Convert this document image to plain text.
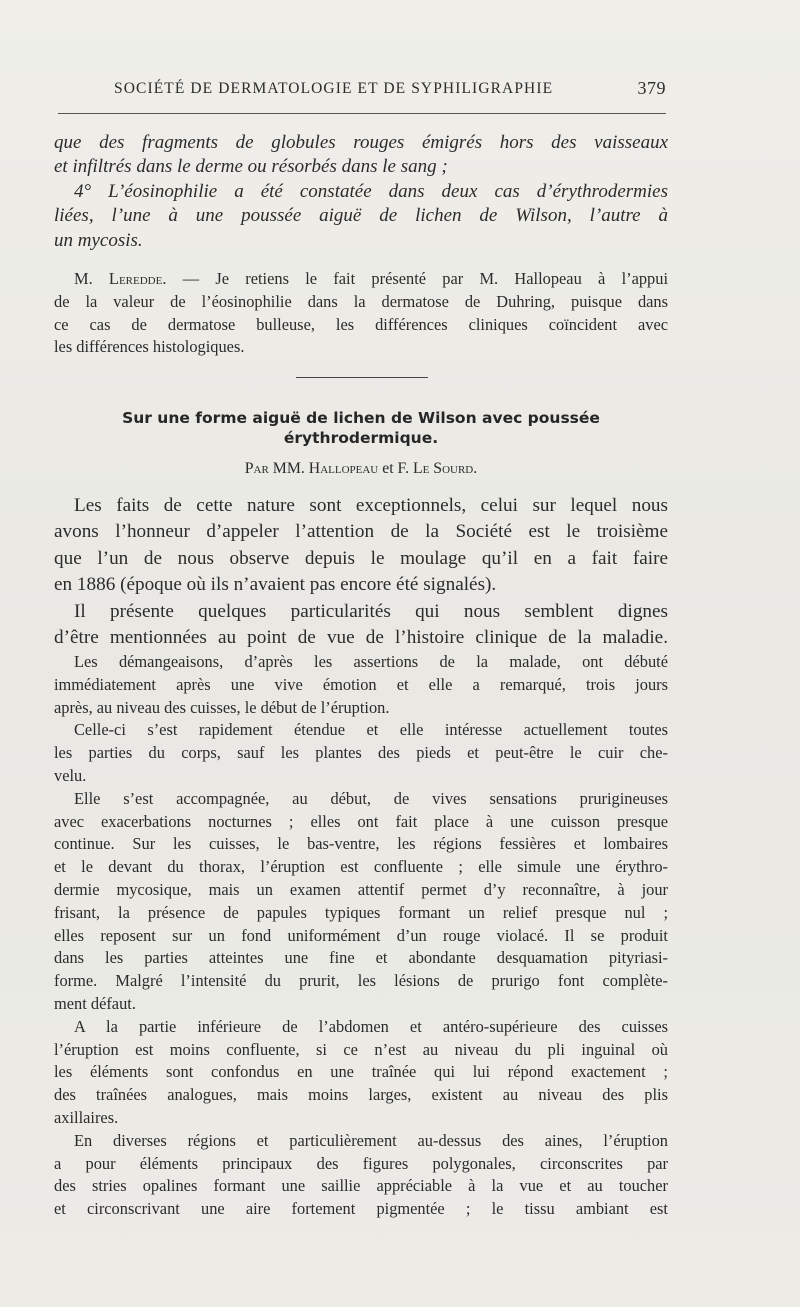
SOCIÉTÉ DE DERMATOLOGIE ET DE SYPHILIGRAPHIE	379
que des fragments de globules rouges émigrés hors des vaisseaux
et infiltrés dans le derme ou résorbés dans le sang ;
4° L’éosinophilie a été constatée dans deux cas d’érythrodermies
liées, l’une à une poussée aiguë de lichen de Wilson, l’autre à
un mycosis.
M. Leredde. — Je retiens le fait présenté par M. Hallopeau à l’appui
de la valeur de l’éosinophilie dans la dermatose de Duhring, puisque dans
ce cas de dermatose bulleuse, les différences cliniques coïncident avec
les différences histologiques.
Sur une forme aiguë de lichen de Wilson avec poussée
érythrodermique.
Par MM. Hallopeau et F. Le Sourd.
Les faits de cette nature sont exceptionnels, celui sur lequel nous
avons l’honneur d’appeler l’attention de la Société est le troisième
que l’un de nous observe depuis le moulage qu’il en a fait faire
en 1886 (époque où ils n’avaient pas encore été signalés).
Il présente quelques particularités qui nous semblent dignes
d’être mentionnées au point de vue de l’histoire clinique de la maladie.
Les démangeaisons, d’après les assertions de la malade, ont débuté
immédiatement après une vive émotion et elle a remarqué, trois jours
après, au niveau des cuisses, le début de l’éruption.
Celle-ci s’est rapidement étendue et elle intéresse actuellement toutes
les parties du corps, sauf les plantes des pieds et peut-être le cuir che-
velu.
Elle s’est accompagnée, au début, de vives sensations prurigineuses
avec exacerbations nocturnes ; elles ont fait place à une cuisson presque
continue. Sur les cuisses, le bas-ventre, les régions fessières et lombaires
et le devant du thorax, l’éruption est confluente ; elle simule une érythro-
dermie mycosique, mais un examen attentif permet d’y reconnaître, à jour
frisant, la présence de papules typiques formant un relief presque nul ;
elles reposent sur un fond uniformément d’un rouge violacé. Il se produit
dans les parties atteintes une fine et abondante desquamation pityriasi-
forme. Malgré l’intensité du prurit, les lésions de prurigo font complète-
ment défaut.
A la partie inférieure de l’abdomen et antéro-supérieure des cuisses
l’éruption est moins confluente, si ce n’est au niveau du pli inguinal où
les éléments sont confondus en une traînée qui lui répond exactement ;
des traînées analogues, mais moins larges, existent au niveau des plis
axillaires.
En diverses régions et particulièrement au-dessus des aines, l’éruption
a pour éléments principaux des figures polygonales, circonscrites par
des stries opalines formant une saillie appréciable à la vue et au toucher
et circonscrivant une aire fortement pigmentée ; le tissu ambiant est
